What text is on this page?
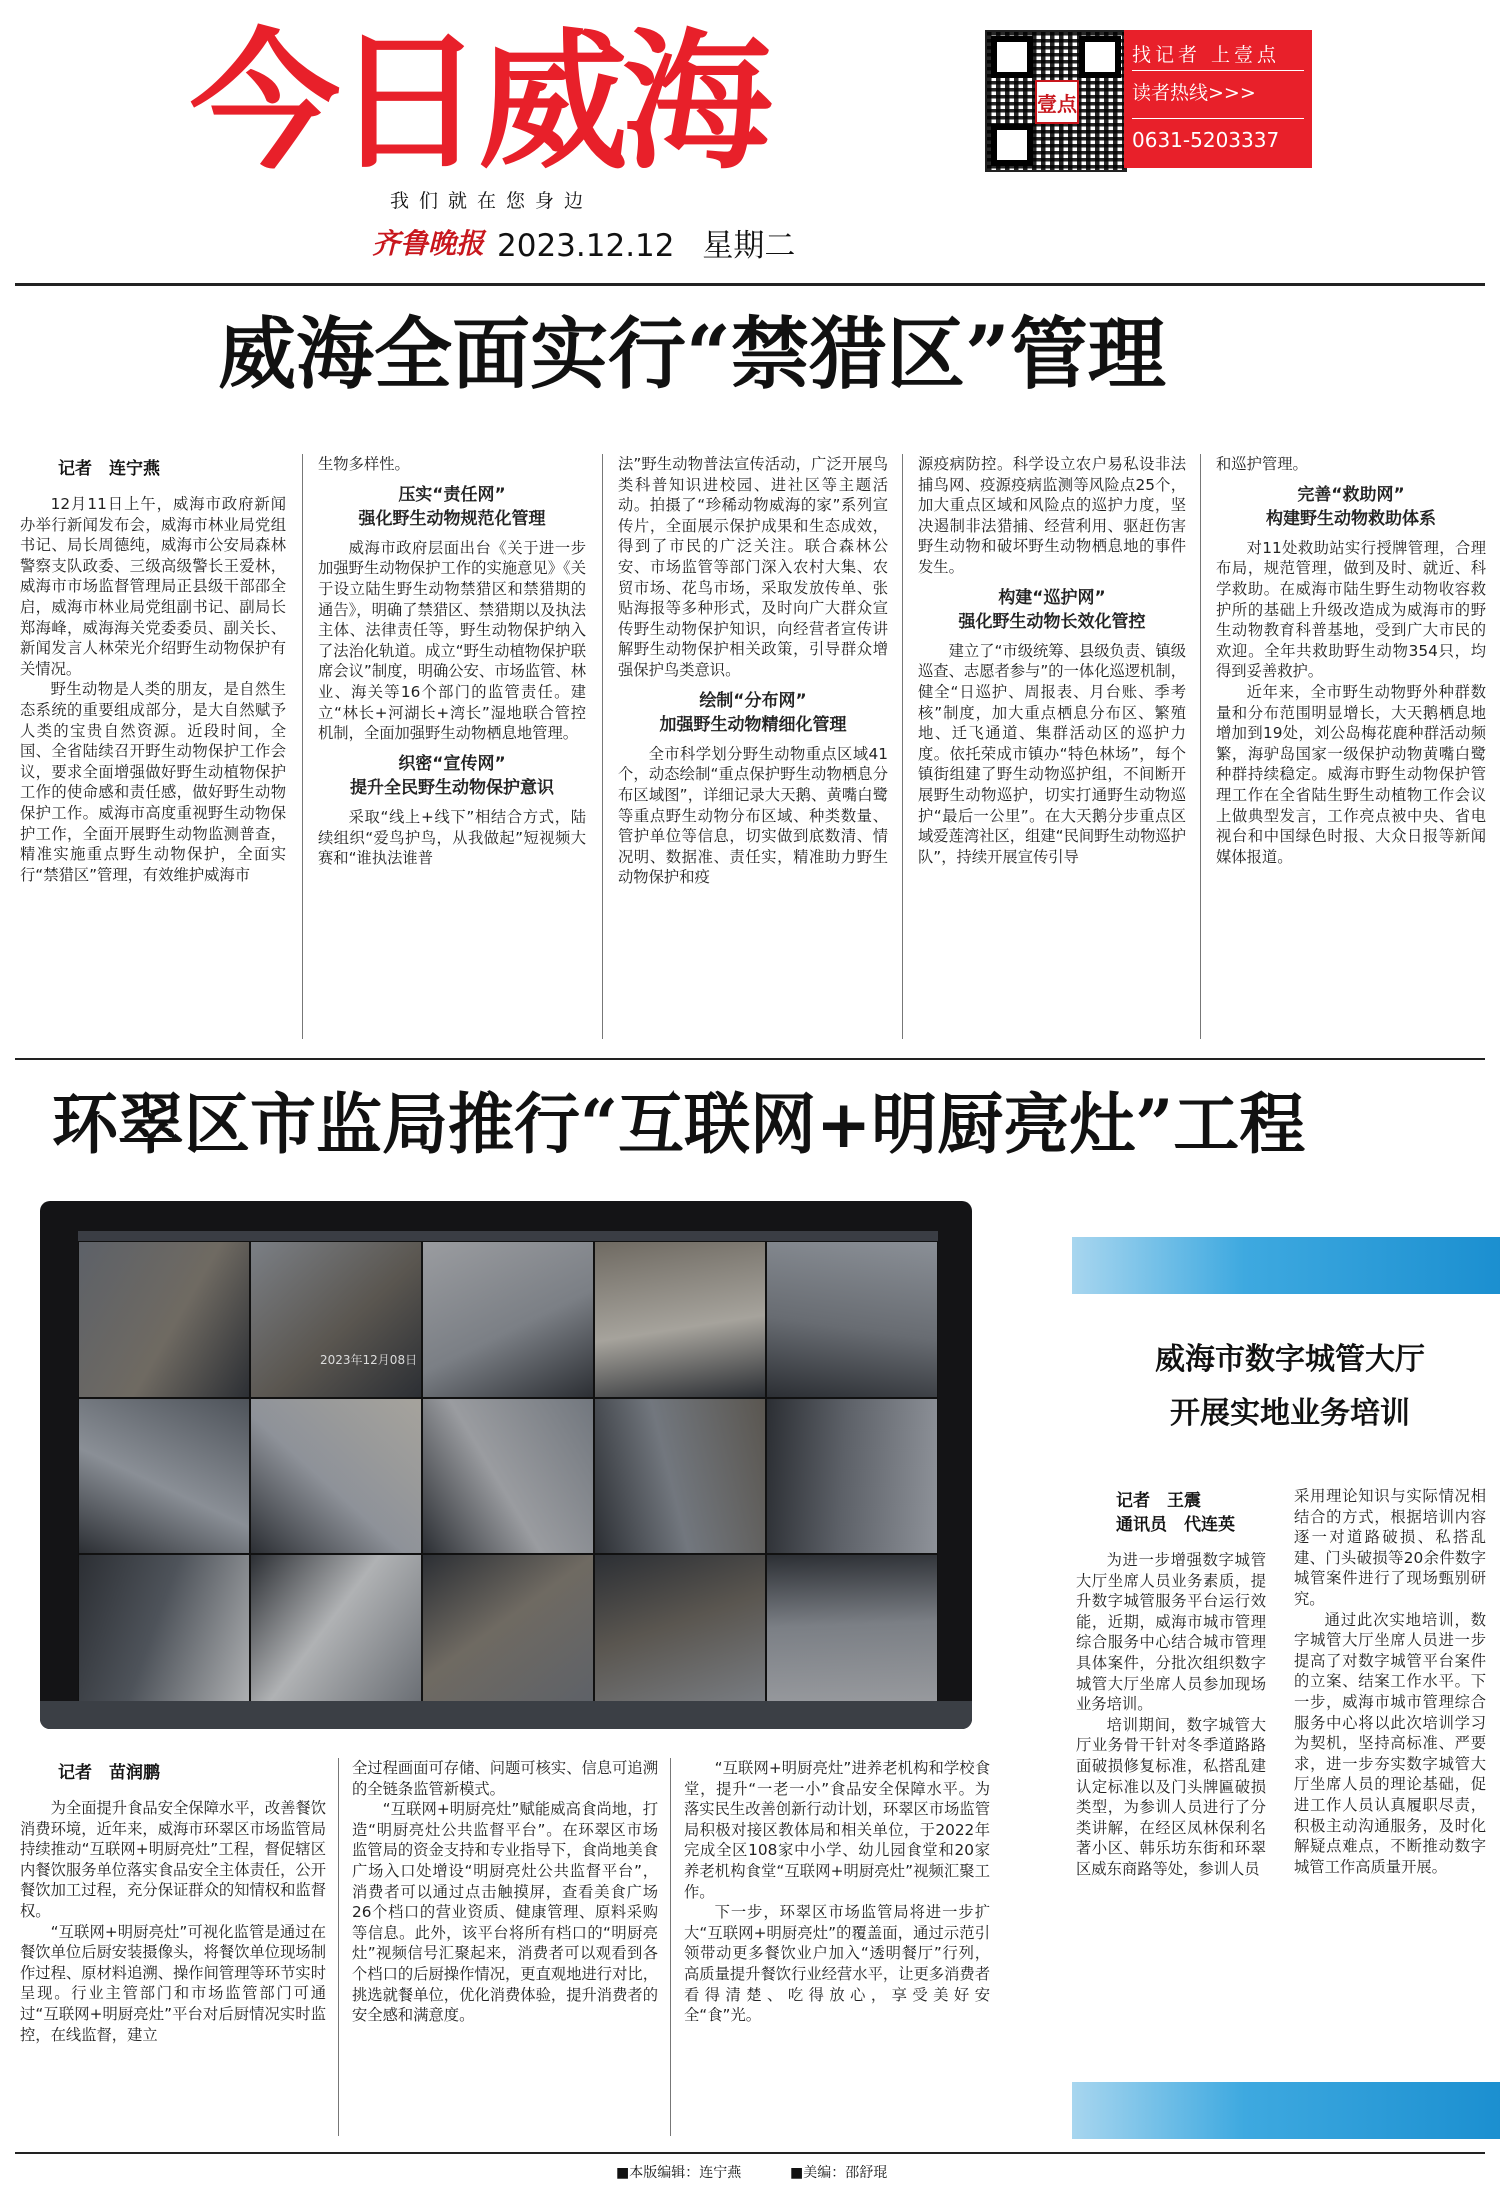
今日威海
我们就在您身边
齐鲁晚报 2023.12.12 星期二
壹点
找记者 上壹点
读者热线>>>
0631-5203337
威海全面实行“禁猎区”管理
记者　连宁燕

12月11日上午，威海市政府新闻办举行新闻发布会，威海市林业局党组书记、局长周德纯，威海市公安局森林警察支队政委、三级高级警长王爱林，威海市市场监督管理局正县级干部邵全启，威海市林业局党组副书记、副局长郑海峰，威海海关党委委员、副关长、新闻发言人林荣光介绍野生动物保护有关情况。

野生动物是人类的朋友，是自然生态系统的重要组成部分，是大自然赋予人类的宝贵自然资源。近段时间，全国、全省陆续召开野生动物保护工作会议，要求全面增强做好野生动植物保护工作的使命感和责任感，做好野生动物保护工作。威海市高度重视野生动物保护工作，全面开展野生动物监测普查，精准实施重点野生动物保护，全面实行“禁猎区”管理，有效维护威海市

生物多样性。

压实“责任网”
强化野生动物规范化管理

威海市政府层面出台《关于进一步加强野生动物保护工作的实施意见》《关于设立陆生野生动物禁猎区和禁猎期的通告》，明确了禁猎区、禁猎期以及执法主体、法律责任等，野生动物保护纳入了法治化轨道。成立“野生动植物保护联席会议”制度，明确公安、市场监管、林业、海关等16个部门的监管责任。建立“林长+河湖长+湾长”湿地联合管控机制，全面加强野生动物栖息地管理。

织密“宣传网”
提升全民野生动物保护意识

采取“线上+线下”相结合方式，陆续组织“爱鸟护鸟，从我做起”短视频大赛和“谁执法谁普

法”野生动物普法宣传活动，广泛开展鸟类科普知识进校园、进社区等主题活动。拍摄了“珍稀动物威海的家”系列宣传片，全面展示保护成果和生态成效，得到了市民的广泛关注。联合森林公安、市场监管等部门深入农村大集、农贸市场、花鸟市场，采取发放传单、张贴海报等多种形式，及时向广大群众宣传野生动物保护知识，向经营者宣传讲解野生动物保护相关政策，引导群众增强保护鸟类意识。

绘制“分布网”
加强野生动物精细化管理

全市科学划分野生动物重点区域41个，动态绘制“重点保护野生动物栖息分布区域图”，详细记录大天鹅、黄嘴白鹭等重点野生动物分布区域、种类数量、管护单位等信息，切实做到底数清、情况明、数据准、责任实，精准助力野生动物保护和疫

源疫病防控。科学设立农户易私设非法捕鸟网、疫源疫病监测等风险点25个，加大重点区域和风险点的巡护力度，坚决遏制非法猎捕、经营利用、驱赶伤害野生动物和破坏野生动物栖息地的事件发生。

构建“巡护网”
强化野生动物长效化管控

建立了“市级统筹、县级负责、镇级巡查、志愿者参与”的一体化巡逻机制，健全“日巡护、周报表、月台账、季考核”制度，加大重点栖息分布区、繁殖地、迁飞通道、集群活动区的巡护力度。依托荣成市镇办“特色林场”，每个镇街组建了野生动物巡护组，不间断开展野生动物巡护，切实打通野生动物巡护“最后一公里”。在大天鹅分步重点区域爱莲湾社区，组建“民间野生动物巡护队”，持续开展宣传引导

和巡护管理。

完善“救助网”
构建野生动物救助体系

对11处救助站实行授牌管理，合理布局，规范管理，做到及时、就近、科学救助。在威海市陆生野生动物收容救护所的基础上升级改造成为威海市的野生动物教育科普基地，受到广大市民的欢迎。全年共救助野生动物354只，均得到妥善救护。

近年来，全市野生动物野外种群数量和分布范围明显增长，大天鹅栖息地增加到19处，刘公岛梅花鹿种群活动频繁，海驴岛国家一级保护动物黄嘴白鹭种群持续稳定。威海市野生动物保护管理工作在全省陆生野生动植物工作会议上做典型发言，工作亮点被中央、省电视台和中国绿色时报、大众日报等新闻媒体报道。

环翠区市监局推行“互联网+明厨亮灶”工程
2023年12月08日	威海市数字城管大厅
开展实地业务培训
记者　苗润鹏

为全面提升食品安全保障水平，改善餐饮消费环境，近年来，威海市环翠区市场监管局持续推动“互联网+明厨亮灶”工程，督促辖区内餐饮服务单位落实食品安全主体责任，公开餐饮加工过程，充分保证群众的知情权和监督权。

“互联网+明厨亮灶”可视化监管是通过在餐饮单位后厨安装摄像头，将餐饮单位现场制作过程、原材料追溯、操作间管理等环节实时呈现。行业主管部门和市场监管部门可通过“互联网+明厨亮灶”平台对后厨情况实时监控，在线监督，建立

全过程画面可存储、问题可核实、信息可追溯的全链条监管新模式。

“互联网+明厨亮灶”赋能威高食尚地，打造“明厨亮灶公共监督平台”。在环翠区市场监管局的资金支持和专业指导下，食尚地美食广场入口处增设“明厨亮灶公共监督平台”，消费者可以通过点击触摸屏，查看美食广场26个档口的营业资质、健康管理、原料采购等信息。此外，该平台将所有档口的“明厨亮灶”视频信号汇聚起来，消费者可以观看到各个档口的后厨操作情况，更直观地进行对比，挑选就餐单位，优化消费体验，提升消费者的安全感和满意度。

“互联网+明厨亮灶”进养老机构和学校食堂，提升“一老一小”食品安全保障水平。为落实民生改善创新行动计划，环翠区市场监管局积极对接区教体局和相关单位，于2022年完成全区108家中小学、幼儿园食堂和20家养老机构食堂“互联网+明厨亮灶”视频汇聚工作。

下一步，环翠区市场监管局将进一步扩大“互联网+明厨亮灶”的覆盖面，通过示范引领带动更多餐饮业户加入“透明餐厅”行列，高质量提升餐饮行业经营水平，让更多消费者看得清楚、吃得放心，享受美好安全“食”光。

记者　王震
通讯员　代连英

为进一步增强数字城管大厅坐席人员业务素质，提升数字城管服务平台运行效能，近期，威海市城市管理综合服务中心结合城市管理具体案件，分批次组织数字城管大厅坐席人员参加现场业务培训。

培训期间，数字城管大厅业务骨干针对冬季道路路面破损修复标准，私搭乱建认定标准以及门头牌匾破损类型，为参训人员进行了分类讲解，在经区凤林保利名著小区、韩乐坊东街和环翠区威东商路等处，参训人员

采用理论知识与实际情况相结合的方式，根据培训内容逐一对道路破损、私搭乱建、门头破损等20余件数字城管案件进行了现场甄别研究。

通过此次实地培训，数字城管大厅坐席人员进一步提高了对数字城管平台案件的立案、结案工作水平。下一步，威海市城市管理综合服务中心将以此次培训学习为契机，坚持高标准、严要求，进一步夯实数字城管大厅坐席人员的理论基础，促进工作人员认真履职尽责，积极主动沟通服务，及时化解疑点难点，不断推动数字城管工作高质量开展。

■本版编辑：连宁燕	■美编：邵舒琨
